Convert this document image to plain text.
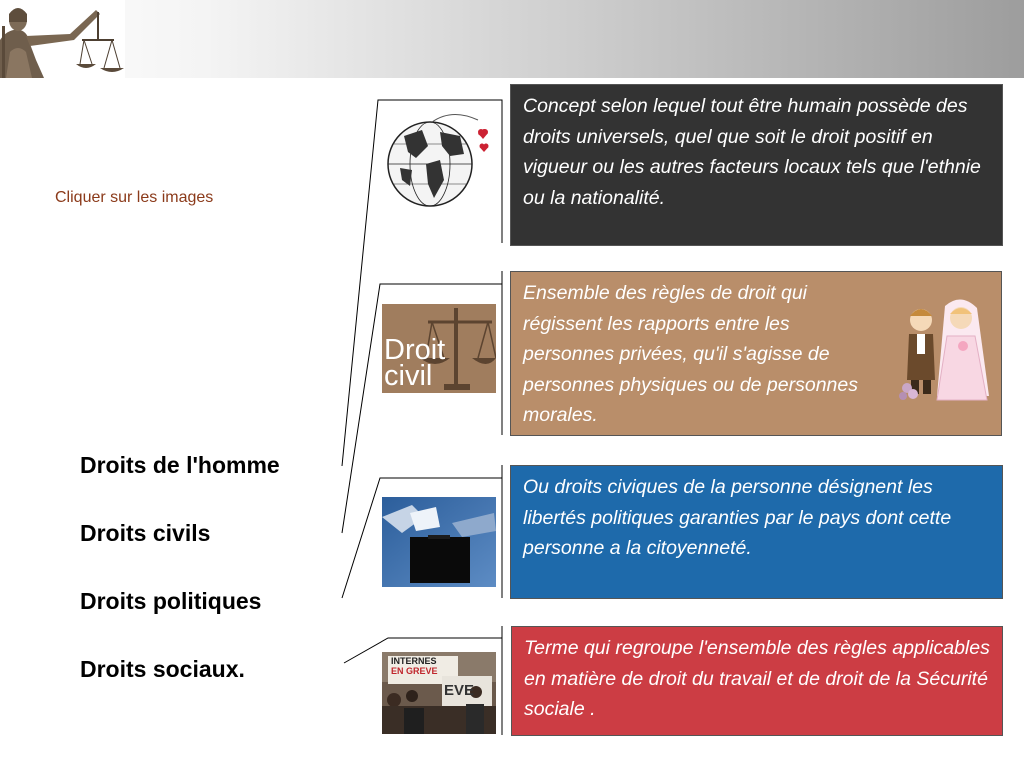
Cliquer sur les images

Droits de l'homme

Droits civils

Droits politiques

Droits sociaux.

Droit
civil
INTERNES
EN GREVE
EVE

Concept selon lequel tout être humain possède des droits universels, quel que soit le droit positif en vigueur ou les autres facteurs locaux tels que l'ethnie ou la nationalité.

Ensemble des règles de droit qui régissent les rapports entre les personnes privées, qu'il s'agisse de personnes physiques ou de personnes morales.

Ou droits civiques de la personne désignent les libertés politiques garanties par le pays dont cette personne a la citoyenneté.

Terme qui regroupe l'ensemble des règles applicables en matière de droit du travail et de droit de la Sécurité sociale .
